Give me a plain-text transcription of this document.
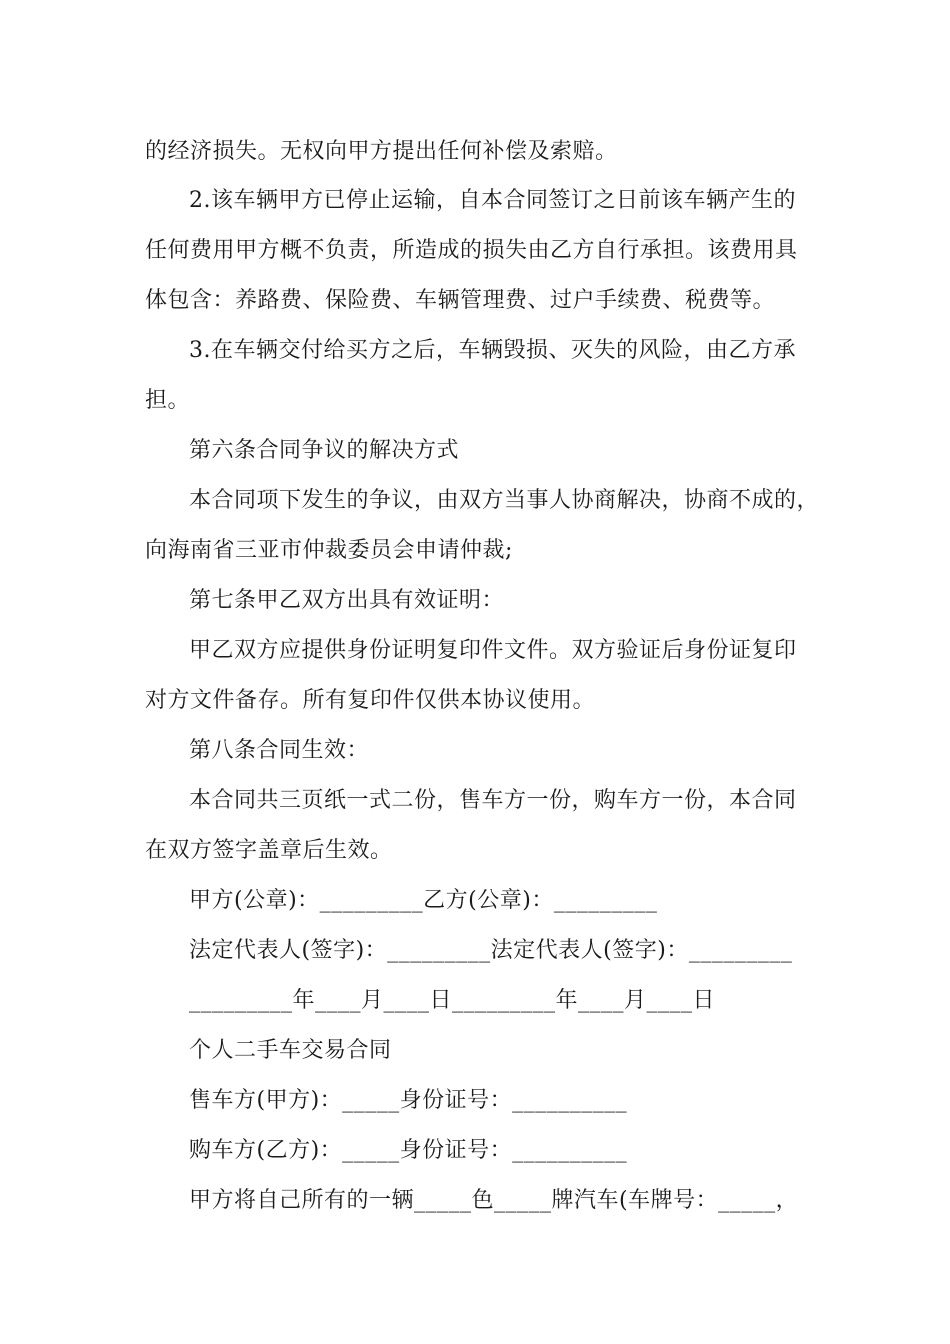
的经济损失。无权向甲方提出任何补偿及索赔。
2.该车辆甲方已停止运输，自本合同签订之日前该车辆产生的
任何费用甲方概不负责，所造成的损失由乙方自行承担。该费用具
体包含：养路费、保险费、车辆管理费、过户手续费、税费等。
3.在车辆交付给买方之后，车辆毁损、灭失的风险，由乙方承
担。
第六条合同争议的解决方式
本合同项下发生的争议，由双方当事人协商解决，协商不成的，
向海南省三亚市仲裁委员会申请仲裁;
第七条甲乙双方出具有效证明：
甲乙双方应提供身份证明复印件文件。双方验证后身份证复印
对方文件备存。所有复印件仅供本协议使用。
第八条合同生效：
本合同共三页纸一式二份，售车方一份，购车方一份，本合同
在双方签字盖章后生效。
甲方(公章)：_________乙方(公章)：_________
法定代表人(签字)：_________法定代表人(签字)：_________
_________年____月____日_________年____月____日
个人二手车交易合同
售车方(甲方)：_____身份证号：__________
购车方(乙方)：_____身份证号：__________
甲方将自己所有的一辆_____色_____牌汽车(车牌号：_____，
